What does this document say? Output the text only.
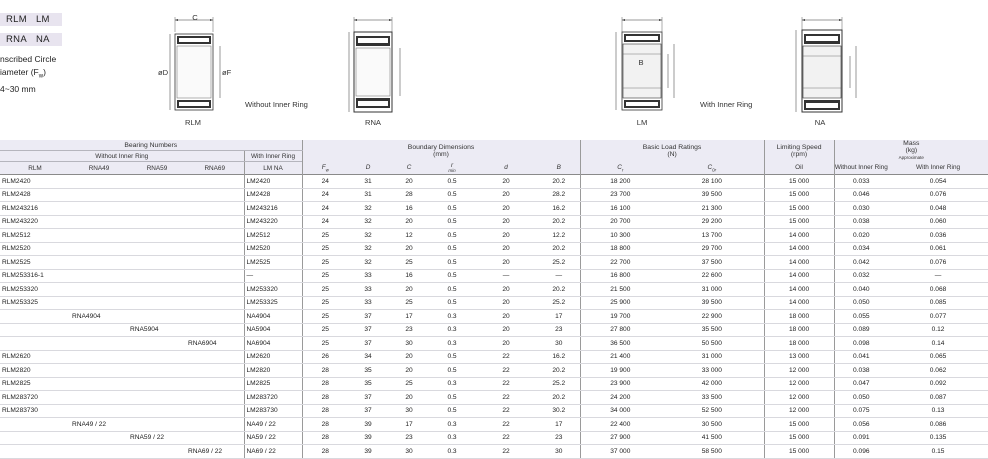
RLM LM
RNA NA
nscribed Circle
iameter $(F_w)$
4~30 mm
C
øD	øF
RLM
Without Inner Ring
RNA
B
LM
With Inner Ring
NA
Bearing Numbers					Boundary Dimensions
(mm)						Basic Load Ratings
(N)		Limiting Speed
(rpm)	Mass
(kg)
Approximate	
Without Inner Ring				With Inner Ring											
RLM	RNA49	RNA59	RNA69	LM NA	$F_w$	D	C	r
min	d	B	$C_r$	$C_{0r}$	Oil	Without Inner Ring	With Inner Ring
RLM2420				LM2420	24	31	20	0.5	20	20.2	18 200	28 100	15 000	0.033	0.054
RLM2428				LM2428	24	31	28	0.5	20	28.2	23 700	39 500	15 000	0.046	0.076
RLM243216				LM243216	24	32	16	0.5	20	16.2	16 100	21 300	15 000	0.030	0.048
RLM243220				LM243220	24	32	20	0.5	20	20.2	20 700	29 200	15 000	0.038	0.060
RLM2512				LM2512	25	32	12	0.5	20	12.2	10 300	13 700	14 000	0.020	0.036
RLM2520				LM2520	25	32	20	0.5	20	20.2	18 800	29 700	14 000	0.034	0.061
RLM2525				LM2525	25	32	25	0.5	20	25.2	22 700	37 500	14 000	0.042	0.076
RLM253316-1				—	25	33	16	0.5	—	—	16 800	22 600	14 000	0.032	—
RLM253320				LM253320	25	33	20	0.5	20	20.2	21 500	31 000	14 000	0.040	0.068
RLM253325				LM253325	25	33	25	0.5	20	25.2	25 900	39 500	14 000	0.050	0.085
	RNA4904			NA4904	25	37	17	0.3	20	17	19 700	22 900	18 000	0.055	0.077
		RNA5904		NA5904	25	37	23	0.3	20	23	27 800	35 500	18 000	0.089	0.12
			RNA6904	NA6904	25	37	30	0.3	20	30	36 500	50 500	18 000	0.098	0.14
RLM2620				LM2620	26	34	20	0.5	22	16.2	21 400	31 000	13 000	0.041	0.065
RLM2820				LM2820	28	35	20	0.5	22	20.2	19 900	33 000	12 000	0.038	0.062
RLM2825				LM2825	28	35	25	0.3	22	25.2	23 900	42 000	12 000	0.047	0.092
RLM283720				LM283720	28	37	20	0.5	22	20.2	24 200	33 500	12 000	0.050	0.087
RLM283730				LM283730	28	37	30	0.5	22	30.2	34 000	52 500	12 000	0.075	0.13
	RNA49 / 22			NA49 / 22	28	39	17	0.3	22	17	22 400	30 500	15 000	0.056	0.086
		RNA59 / 22		NA59 / 22	28	39	23	0.3	22	23	27 900	41 500	15 000	0.091	0.135
			RNA69 / 22	NA69 / 22	28	39	30	0.3	22	30	37 000	58 500	15 000	0.096	0.15
